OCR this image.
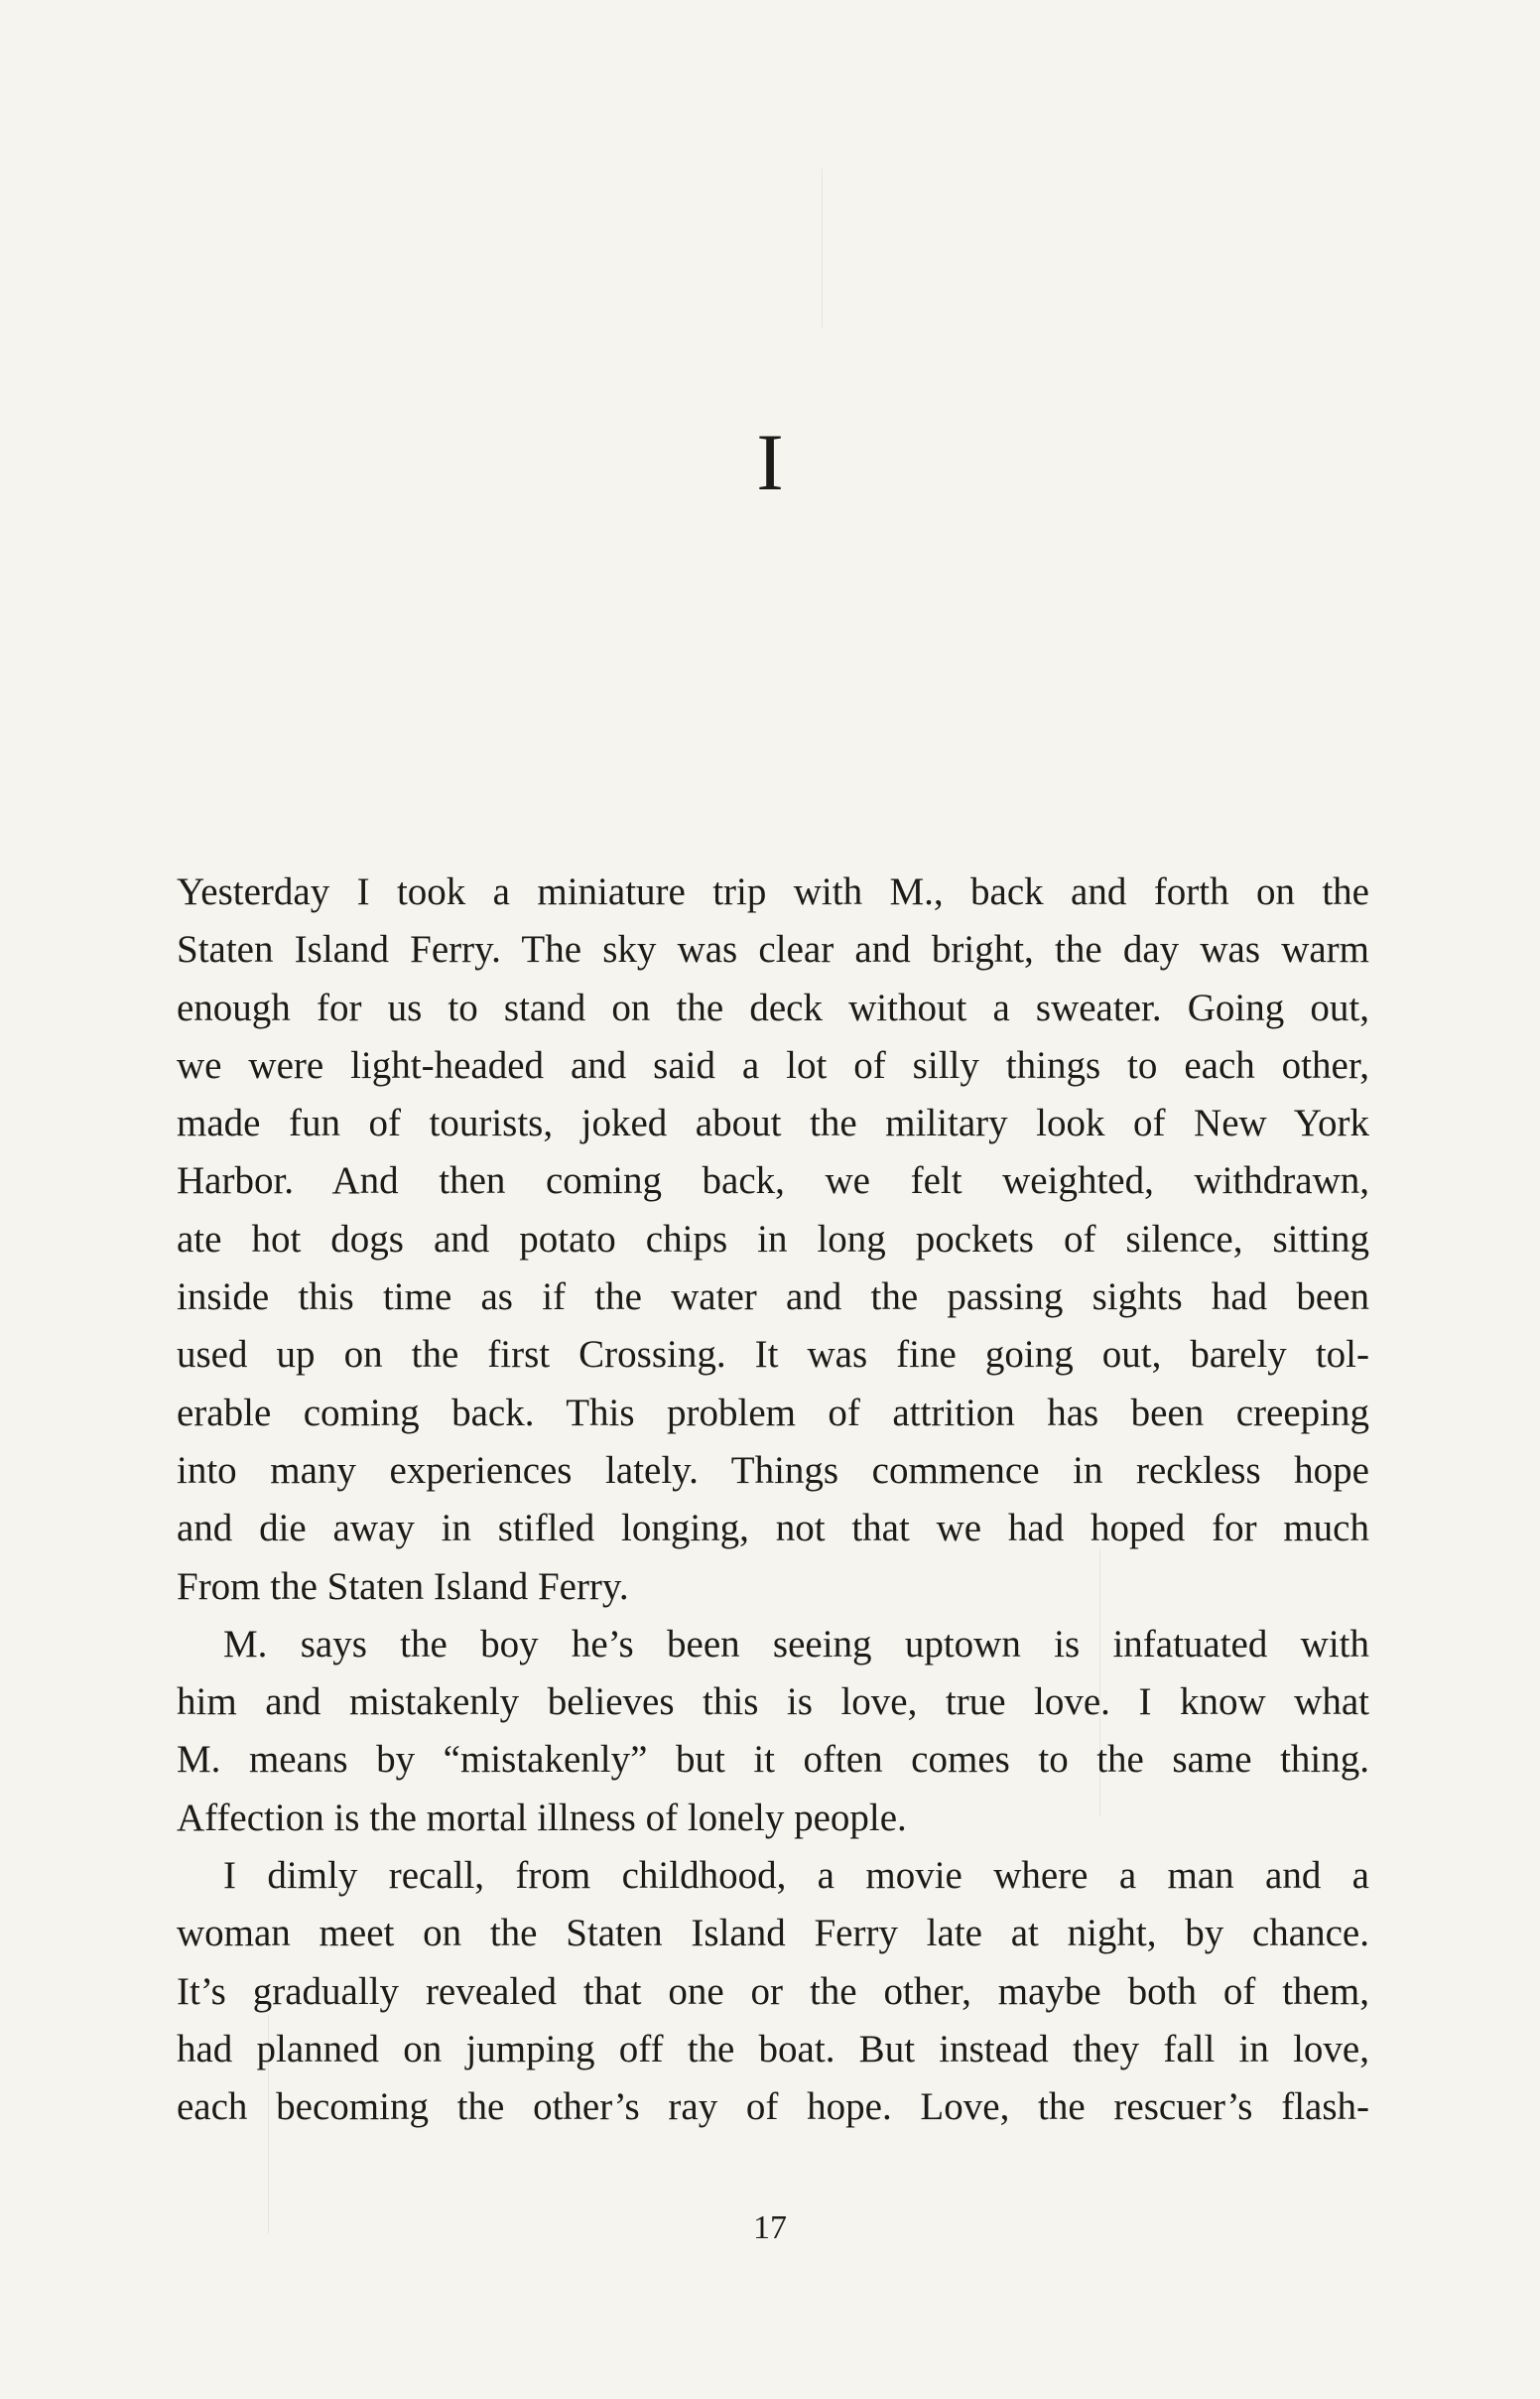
I

Yesterday I took a miniature trip with M., back and forth on the
Staten Island Ferry. The sky was clear and bright, the day was warm
enough for us to stand on the deck without a sweater. Going out,
we were light-headed and said a lot of silly things to each other,
made fun of tourists, joked about the military look of New York
Harbor. And then coming back, we felt weighted, withdrawn,
ate hot dogs and potato chips in long pockets of silence, sitting
inside this time as if the water and the passing sights had been
used up on the first Crossing. It was fine going out, barely tol-
erable coming back. This problem of attrition has been creeping
into many experiences lately. Things commence in reckless hope
and die away in stifled longing, not that we had hoped for much
From the Staten Island Ferry.

M. says the boy he’s been seeing uptown is infatuated with
him and mistakenly believes this is love, true love. I know what
M. means by “mistakenly” but it often comes to the same thing.
Affection is the mortal illness of lonely people.

I dimly recall, from childhood, a movie where a man and a
woman meet on the Staten Island Ferry late at night, by chance.
It’s gradually revealed that one or the other, maybe both of them,
had planned on jumping off the boat. But instead they fall in love,
each becoming the other’s ray of hope. Love, the rescuer’s flash-

17
